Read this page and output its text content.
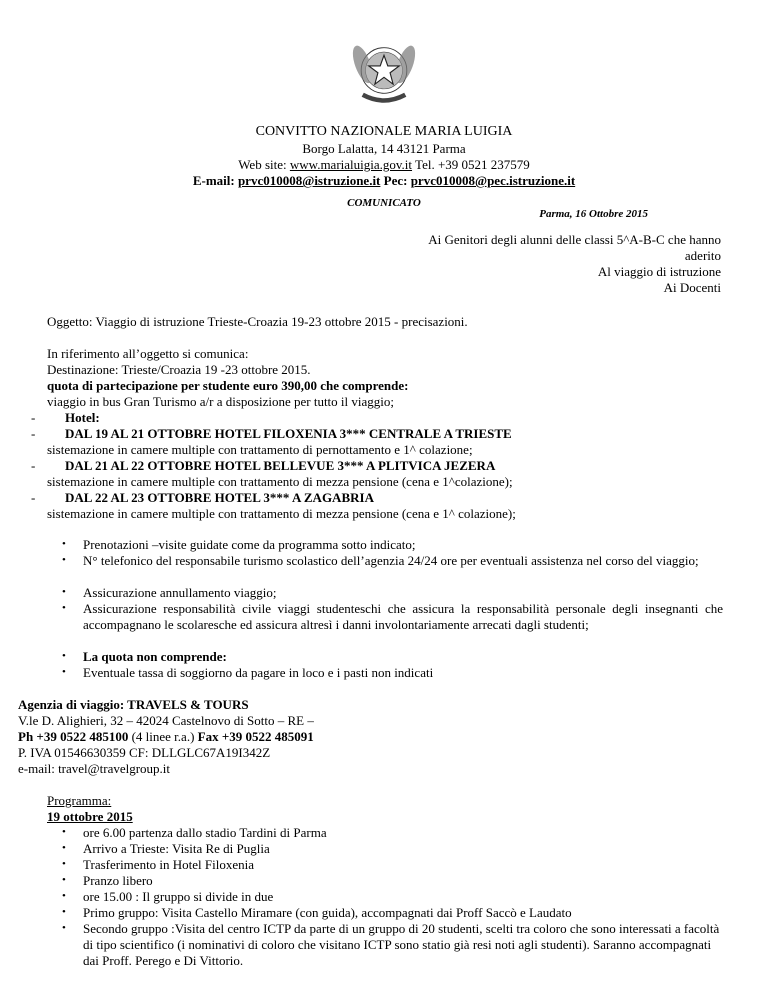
CONVITTO NAZIONALE MARIA LUIGIA
Borgo Lalatta, 14 43121 Parma
Web site: www.marialuigia.gov.it Tel. +39 0521 237579
E-mail: prvc010008@istruzione.it Pec: prvc010008@pec.istruzione.it
COMUNICATO
Parma, 16 Ottobre 2015
Ai Genitori degli alunni delle classi 5^A-B-C che hanno
aderito
Al viaggio di istruzione
Ai Docenti
Oggetto: Viaggio di istruzione Trieste-Croazia 19-23 ottobre 2015 - precisazioni.
In riferimento all’oggetto si comunica:
Destinazione: Trieste/Croazia 19 -23 ottobre 2015.
quota di partecipazione per studente euro 390,00 che comprende:
viaggio in bus Gran Turismo a/r a disposizione per tutto il viaggio;
- Hotel:
- DAL 19 AL 21 OTTOBRE HOTEL FILOXENIA 3*** CENTRALE A TRIESTE
sistemazione in camere multiple con trattamento di pernottamento e 1^ colazione;
- DAL 21 AL 22 OTTOBRE HOTEL BELLEVUE 3*** A PLITVICA JEZERA
sistemazione in camere multiple con trattamento di mezza pensione (cena e 1^colazione);
- DAL 22 AL 23 OTTOBRE HOTEL 3*** A ZAGABRIA
sistemazione in camere multiple con trattamento di mezza pensione (cena e 1^ colazione);
• Prenotazioni –visite guidate come da programma sotto indicato;
• N° telefonico del responsabile turismo scolastico dell’agenzia 24/24 ore per eventuali assistenza nel corso del viaggio;
• Assicurazione annullamento viaggio;
• Assicurazione responsabilità civile viaggi studenteschi che assicura la responsabilità personale degli insegnanti che accompagnano le scolaresche ed assicura altresì i danni involontariamente arrecati dagli studenti;
• La quota non comprende:
• Eventuale tassa di soggiorno da pagare in loco e i pasti non indicati
Agenzia di viaggio: TRAVELS & TOURS
V.le D. Alighieri, 32 – 42024 Castelnovo di Sotto – RE –
Ph +39 0522 485100 (4 linee r.a.) Fax +39 0522 485091
P. IVA 01546630359 CF: DLLGLC67A19I342Z
e-mail: travel@travelgroup.it
Programma:
19 ottobre 2015
• ore 6.00 partenza dallo stadio Tardini di Parma
• Arrivo a Trieste: Visita Re di Puglia
• Trasferimento in Hotel Filoxenia
• Pranzo libero
• ore 15.00 : Il gruppo si divide in due
• Primo gruppo: Visita Castello Miramare (con guida), accompagnati dai Proff Saccò e Laudato
• Secondo gruppo :Visita del centro ICTP da parte di un gruppo di 20 studenti, scelti tra coloro che sono interessati a facoltà di tipo scientifico (i nominativi di coloro che visitano ICTP sono statio già resi noti agli studenti). Saranno accompagnati dai Proff. Perego e Di Vittorio.
